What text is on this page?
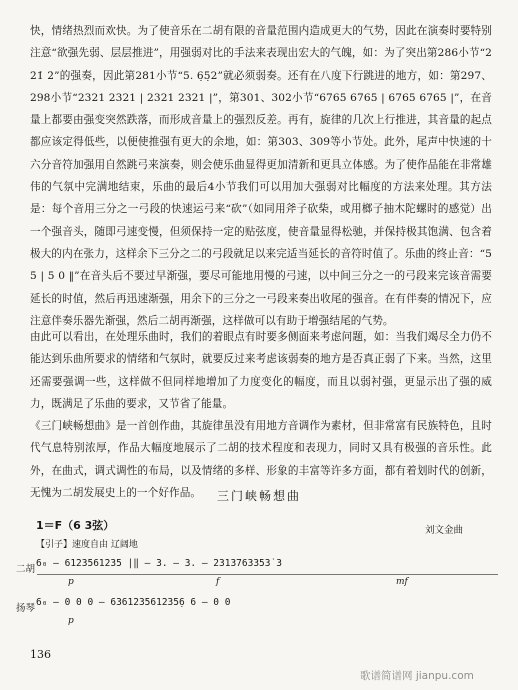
快，情绪热烈而欢快。为了使音乐在二胡有限的音量范围内造成更大的气势，因此在演奏时要特别注意“欲强先弱、层层推进”，用强弱对比的手法来表现出宏大的气魄，如：为了突出第286小节“2 2̇1̇ 2̇”的强奏，因此第281小节“5. 6̣5̣2”就必须弱奏。还有在八度下行跳进的地方，如：第297、298小节“2321 2321 | 2321 2321 |”，第301、302小节“6765 6765 | 6765 6765 |”，在音量上都要由强变突然跌落，而形成音量上的强烈反差。再有，旋律的几次上行推进，其音量的起点都应该定得低些，以便使推强有更大的余地，如：第303、309等小节处。此外，尾声中快速的十六分音符加强用自然跳弓来演奏，则会使乐曲显得更加清新和更具立体感。为了使作品能在非常雄伟的气氛中完满地结束，乐曲的最后4小节我们可以用加大强弱对比幅度的方法来处理。其方法是：每个音用三分之一弓段的快速运弓来“砍”（如同用斧子砍柴，或用榔子抽木陀螺时的感觉）出一个强音头，随即弓速变慢，但须保持一定的贴弦度，使音量显得松驰，并保持极其饱满、包含着极大的内在张力，这样余下三分之二的弓段就足以来完适当延长的音符时值了。乐曲的终止音：“5 5̇ | 5 0 ‖”在音头后不要过早渐强，要尽可能地用慢的弓速，以中间三分之一的弓段来完该音需要延长的时值，然后再迅速渐强，用余下的三分之一弓段来奏出收尾的强音。在有伴奏的情况下，应注意伴奏乐器先渐强，然后二胡再渐强，这样做可以有助于增强结尾的气势。

由此可以看出，在处理乐曲时，我们的着眼点有时要多侧面来考虑问题，如：当我们竭尽全力仍不能达到乐曲所要求的情绪和气氛时，就要反过来考虑该弱奏的地方是否真正弱了下来。当然，这里还需要强调一些，这样做不但同样地增加了力度变化的幅度，而且以弱衬强，更显示出了强的威力，既满足了乐曲的要求，又节省了能量。

《三门峡畅想曲》是一首创作曲，其旋律虽没有用地方音调作为素材，但非常富有民族特色，且时代气息特别浓厚，作品大幅度地展示了二胡的技术程度和表现力，同时又具有极强的音乐性。此外，在曲式，调式调性的布局，以及情绪的多样、形象的丰富等许多方面，都有着划时代的创新，无愧为二胡发展史上的一个好作品。	三门峡畅想曲
1＝F（6 3弦）	刘文金曲
【引子】速度自由 辽阔地
二胡
扬琴
6₀ — 6123561235 |‖ — 3. — 3. — 2313763353̇ 3
6₀ — 0 0 0 — 636123561235̣6 6 — 0 0
p	f	mf
p
136
歌谱简谱网 jianpu.com
